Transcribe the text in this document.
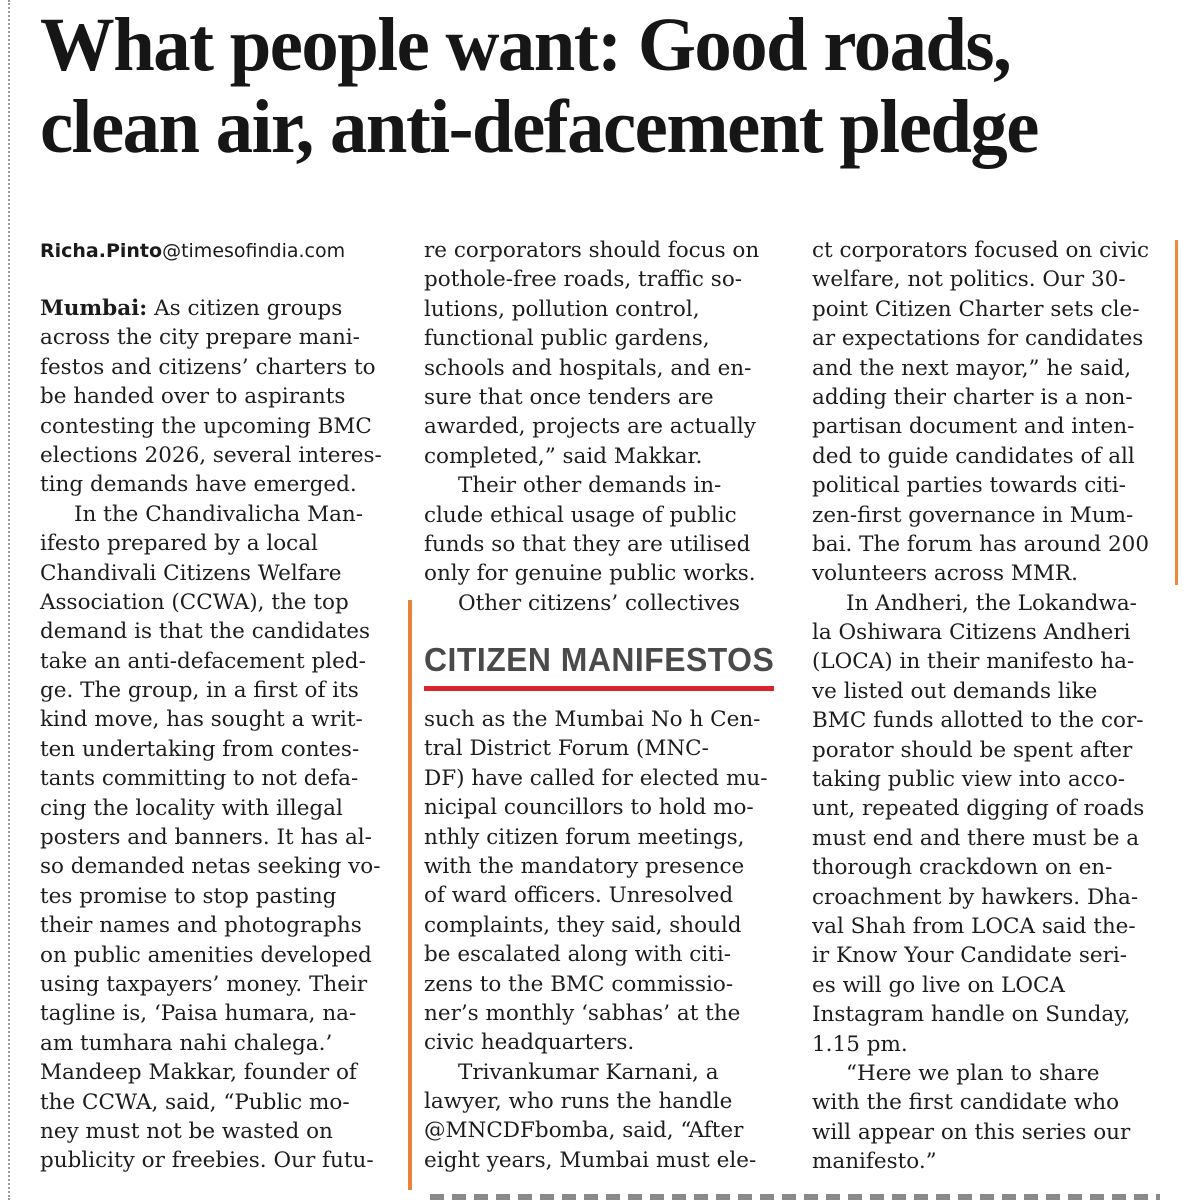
What people want: Good roads,
clean air, anti-defacement pledge

Richa.Pinto@timesofindia.com

Mumbai: As citizen groups
across the city prepare mani-
festos and citizens’ charters to
be handed over to aspirants
contesting the upcoming BMC
elections 2026, several interes-
ting demands have emerged.
In the Chandivalicha Man-
ifesto prepared by a local
Chandivali Citizens Welfare
Association (CCWA), the top
demand is that the candidates
take an anti-defacement pled-
ge. The group, in a first of its
kind move, has sought a writ-
ten undertaking from contes-
tants committing to not defa-
cing the locality with illegal
posters and banners. It has al-
so demanded netas seeking vo-
tes promise to stop pasting
their names and photographs
on public amenities developed
using taxpayers’ money. Their
tagline is, ‘Paisa humara, na-
am tumhara nahi chalega.’
Mandeep Makkar, founder of
the CCWA, said, “Public mo-
ney must not be wasted on
publicity or freebies. Our futu-
re corporators should focus on
pothole-free roads, traffic so-
lutions, pollution control,
functional public gardens,
schools and hospitals, and en-
sure that once tenders are
awarded, projects are actually
completed,” said Makkar.
Their other demands in-
clude ethical usage of public
funds so that they are utilised
only for genuine public works.
Other citizens’ collectives
CITIZEN MANIFESTOS
such as the Mumbai No h Cen-
tral District Forum (MNC-
DF) have called for elected mu-
nicipal councillors to hold mo-
nthly citizen forum meetings,
with the mandatory presence
of ward officers. Unresolved
complaints, they said, should
be escalated along with citi-
zens to the BMC commissio-
ner’s monthly ‘sabhas’ at the
civic headquarters.
Trivankumar Karnani, a
lawyer, who runs the handle
@MNCDFbomba, said, “After
eight years, Mumbai must ele-
ct corporators focused on civic
welfare, not politics. Our 30-
point Citizen Charter sets cle-
ar expectations for candidates
and the next mayor,” he said,
adding their charter is a non-
partisan document and inten-
ded to guide candidates of all
political parties towards citi-
zen-first governance in Mum-
bai. The forum has around 200
volunteers across MMR.
In Andheri, the Lokandwa-
la Oshiwara Citizens Andheri
(LOCA) in their manifesto ha-
ve listed out demands like
BMC funds allotted to the cor-
porator should be spent after
taking public view into acco-
unt, repeated digging of roads
must end and there must be a
thorough crackdown on en-
croachment by hawkers. Dha-
val Shah from LOCA said the-
ir Know Your Candidate seri-
es will go live on LOCA
Instagram handle on Sunday,
1.15 pm.
“Here we plan to share
with the first candidate who
will appear on this series our
manifesto.”
